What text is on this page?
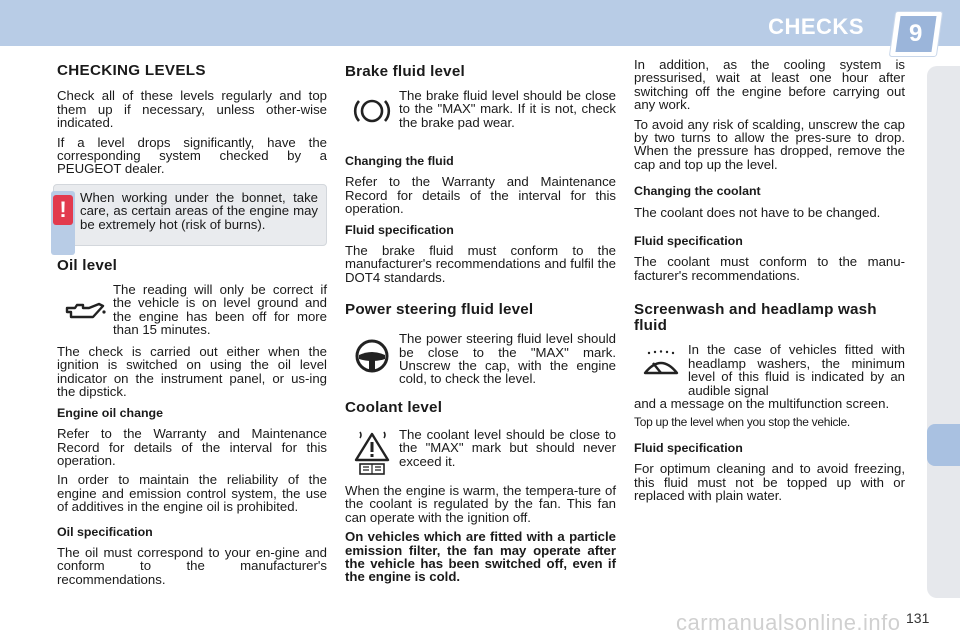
CHECKS 9
CHECKING LEVELS

Check all of these levels regularly and top them up if necessary, unless other-wise indicated.

If a level drops significantly, have the corresponding system checked by a PEUGEOT dealer.

!	When working under the bonnet, take care, as certain areas of the engine may be extremely hot (risk of burns).

Oil level

The reading will only be correct if the vehicle is on level ground and the engine has been off for more than 15 minutes.

The check is carried out either when the ignition is switched on using the oil level indicator on the instrument panel, or us-ing the dipstick.

Engine oil change

Refer to the Warranty and Maintenance Record for details of the interval for this operation.

In order to maintain the reliability of the engine and emission control system, the use of additives in the engine oil is prohibited.

Oil specification

The oil must correspond to your en-gine and conform to the manufacturer's recommendations.

Brake fluid level

The brake fluid level should be close to the "MAX" mark. If it is not, check the brake pad wear.

Changing the fluid

Refer to the Warranty and Maintenance Record for details of the interval for this operation.

Fluid specification

The brake fluid must conform to the manufacturer's recommendations and fulfil the DOT4 standards.

Power steering fluid level

The power steering fluid level should be close to the "MAX" mark. Unscrew the cap, with the engine cold, to check the level.

Coolant level

The coolant level should be close to the "MAX" mark but should never exceed it.

When the engine is warm, the tempera-ture of the coolant is regulated by the fan. This fan can operate with the ignition off.

On vehicles which are fitted with a particle emission filter, the fan may operate after the vehicle has been switched off, even if the engine is cold.

In addition, as the cooling system is pressurised, wait at least one hour after switching off the engine before carrying out any work.

To avoid any risk of scalding, unscrew the cap by two turns to allow the pres-sure to drop. When the pressure has dropped, remove the cap and top up the level.

Changing the coolant

The coolant does not have to be changed.

Fluid specification

The coolant must conform to the manu-facturer's recommendations.

Screenwash and headlamp wash fluid

In the case of vehicles fitted with headlamp washers, the minimum level of this fluid is indicated by an audible signal

and a message on the multifunction screen.

Top up the level when you stop the vehicle.

Fluid specification

For optimum cleaning and to avoid freezing, this fluid must not be topped up with or replaced with plain water.

carmanualsonline.info 131
